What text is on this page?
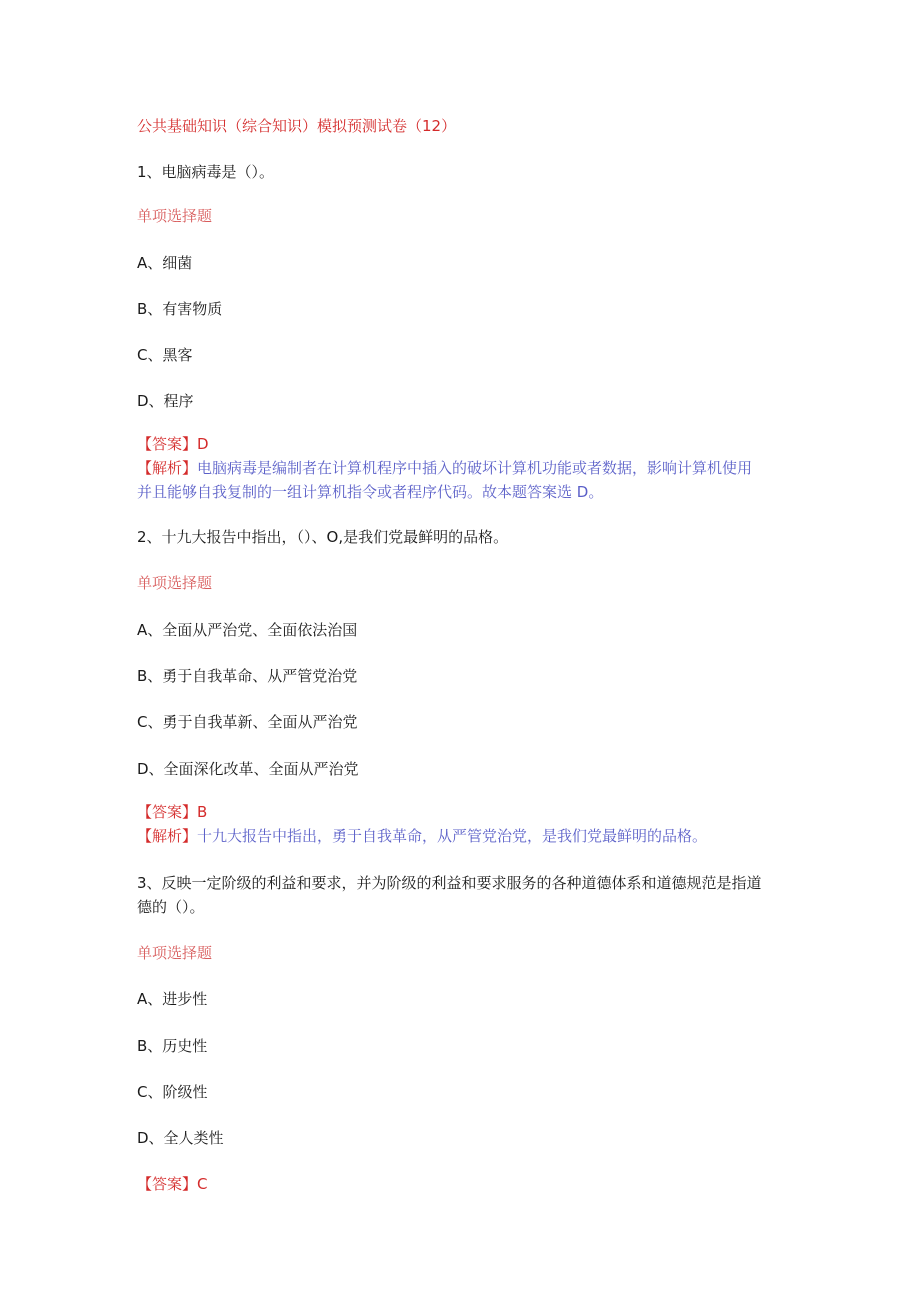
公共基础知识（综合知识）模拟预测试卷（12）
1、电脑病毒是（）。
单项选择题
A、细菌
B、有害物质
C、黑客
D、程序
【答案】D
【解析】电脑病毒是编制者在计算机程序中插入的破坏计算机功能或者数据，影响计算机使用
并且能够自我复制的一组计算机指令或者程序代码。故本题答案选 D。
2、十九大报告中指出，（）、O,是我们党最鲜明的品格。
单项选择题
A、全面从严治党、全面依法治国
B、勇于自我革命、从严管党治党
C、勇于自我革新、全面从严治党
D、全面深化改革、全面从严治党
【答案】B
【解析】十九大报告中指出，勇于自我革命，从严管党治党，是我们党最鲜明的品格。
3、反映一定阶级的利益和要求，并为阶级的利益和要求服务的各种道德体系和道德规范是指道
德的（）。
单项选择题
A、进步性
B、历史性
C、阶级性
D、全人类性
【答案】C
